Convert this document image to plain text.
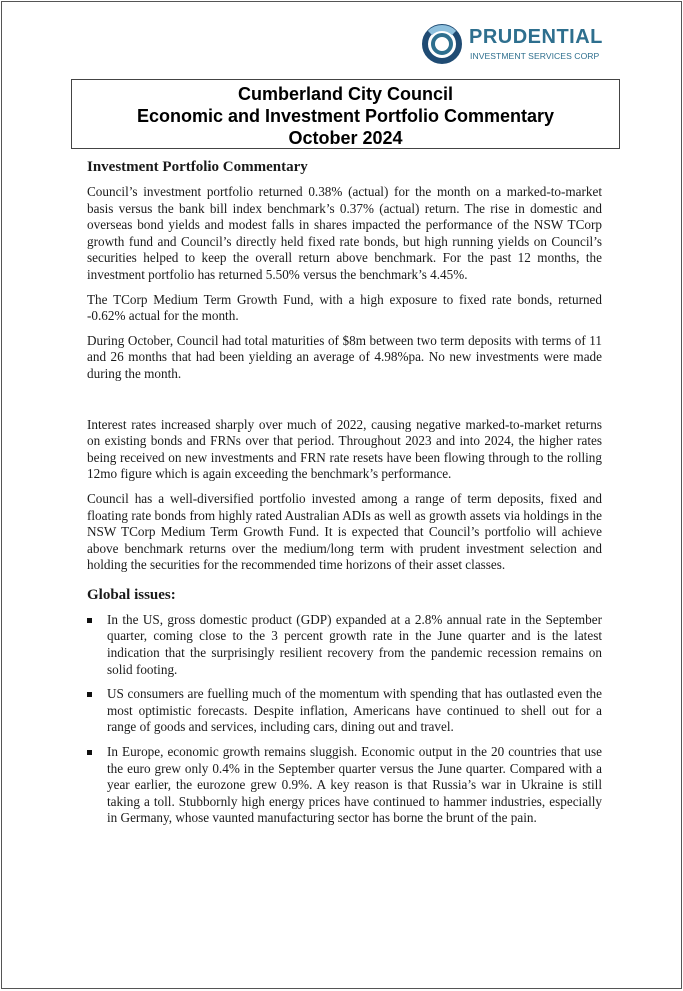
PRUDENTIAL
INVESTMENT SERVICES CORP
Cumberland City Council
Economic and Investment Portfolio Commentary
October 2024
Investment Portfolio Commentary

Council’s investment portfolio returned 0.38% (actual) for the month on a marked-to-market basis versus the bank bill index benchmark’s 0.37% (actual) return. The rise in domestic and overseas bond yields and modest falls in shares impacted the performance of the NSW TCorp growth fund and Council’s directly held fixed rate bonds, but high running yields on Council’s securities helped to keep the overall return above benchmark. For the past 12 months, the investment portfolio has returned 5.50% versus the benchmark’s 4.45%.

The TCorp Medium Term Growth Fund, with a high exposure to fixed rate bonds, returned -0.62% actual for the month.

During October, Council had total maturities of $8m between two term deposits with terms of 11 and 26 months that had been yielding an average of 4.98%pa. No new investments were made during the month.

Interest rates increased sharply over much of 2022, causing negative marked-to-market returns on existing bonds and FRNs over that period. Throughout 2023 and into 2024, the higher rates being received on new investments and FRN rate resets have been flowing through to the rolling 12mo figure which is again exceeding the benchmark’s performance.

Council has a well-diversified portfolio invested among a range of term deposits, fixed and floating rate bonds from highly rated Australian ADIs as well as growth assets via holdings in the NSW TCorp Medium Term Growth Fund. It is expected that Council’s portfolio will achieve above benchmark returns over the medium/long term with prudent investment selection and holding the securities for the recommended time horizons of their asset classes.

Global issues:
In the US, gross domestic product (GDP) expanded at a 2.8% annual rate in the September quarter, coming close to the 3 percent growth rate in the June quarter and is the latest indication that the surprisingly resilient recovery from the pandemic recession remains on solid footing.
US consumers are fuelling much of the momentum with spending that has outlasted even the most optimistic forecasts. Despite inflation, Americans have continued to shell out for a range of goods and services, including cars, dining out and travel.
In Europe, economic growth remains sluggish. Economic output in the 20 countries that use the euro grew only 0.4% in the September quarter versus the June quarter. Compared with a year earlier, the eurozone grew 0.9%. A key reason is that Russia’s war in Ukraine is still taking a toll. Stubbornly high energy prices have continued to hammer industries, especially in Germany, whose vaunted manufacturing sector has borne the brunt of the pain.
